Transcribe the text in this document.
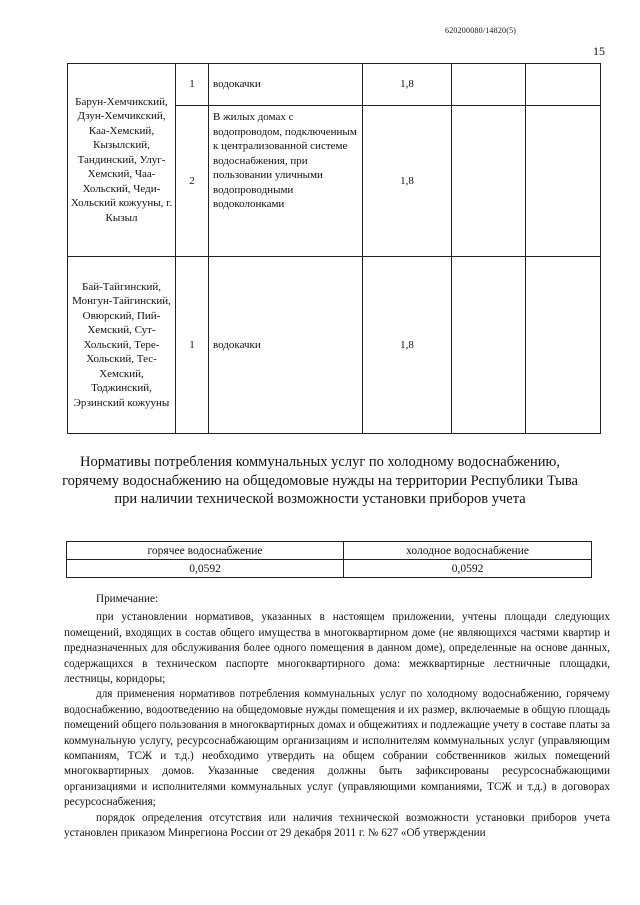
620200080/14820(5)
15
Барун-Хемчикский, Дзун-Хемчикский, Каа-Хемский, Кызылский, Тандинский, Улуг-Хемский, Чаа-Хольский, Чеди-Хольский кожууны, г. Кызыл	1	водокачки	1,8		
	2	В жилых домах с водопроводом, подключенным к централизованной системе водоснабжения, при пользовании уличными водопроводными водоколонками	1,8		
Бай-Тайгинский, Монгун-Тайгинский, Овюрский, Пий-Хемский, Сут-Хольский, Тере-Хольский, Тес-Хемский, Тоджинский, Эрзинский кожууны	1	водокачки	1,8		
Нормативы потребления коммунальных услуг по холодному водоснабжению, горячему водоснабжению на общедомовые нужды на территории Республики Тыва при наличии технической возможности установки приборов учета
горячее водоснабжение	холодное водоснабжение
0,0592	0,0592

Примечание:

при установлении нормативов, указанных в настоящем приложении, учтены площади следующих помещений, входящих в состав общего имущества в многоквартирном доме (не являющихся частями квартир и предназначенных для обслуживания более одного помещения в данном доме), определенные на основе данных, содержащихся в техническом паспорте многоквартирного дома: межквартирные лестничные площадки, лестницы, коридоры;

для применения нормативов потребления коммунальных услуг по холодному водоснабжению, горячему водоснабжению, водоотведению на общедомовые нужды помещения и их размер, включаемые в общую площадь помещений общего пользования в многоквартирных домах и общежитиях и подлежащие учету в составе платы за коммунальную услугу, ресурсоснабжающим организациям и исполнителям коммунальных услуг (управляющим компаниям, ТСЖ и т.д.) необходимо утвердить на общем собрании собственников жилых помещений многоквартирных домов. Указанные сведения должны быть зафиксированы ресурсоснабжающими организациями и исполнителями коммунальных услуг (управляющими компаниями, ТСЖ и т.д.) в договорах ресурсоснабжения;

порядок определения отсутствия или наличия технической возможности установки приборов учета установлен приказом Минрегиона России от 29 декабря 2011 г. № 627 «Об утверждении
